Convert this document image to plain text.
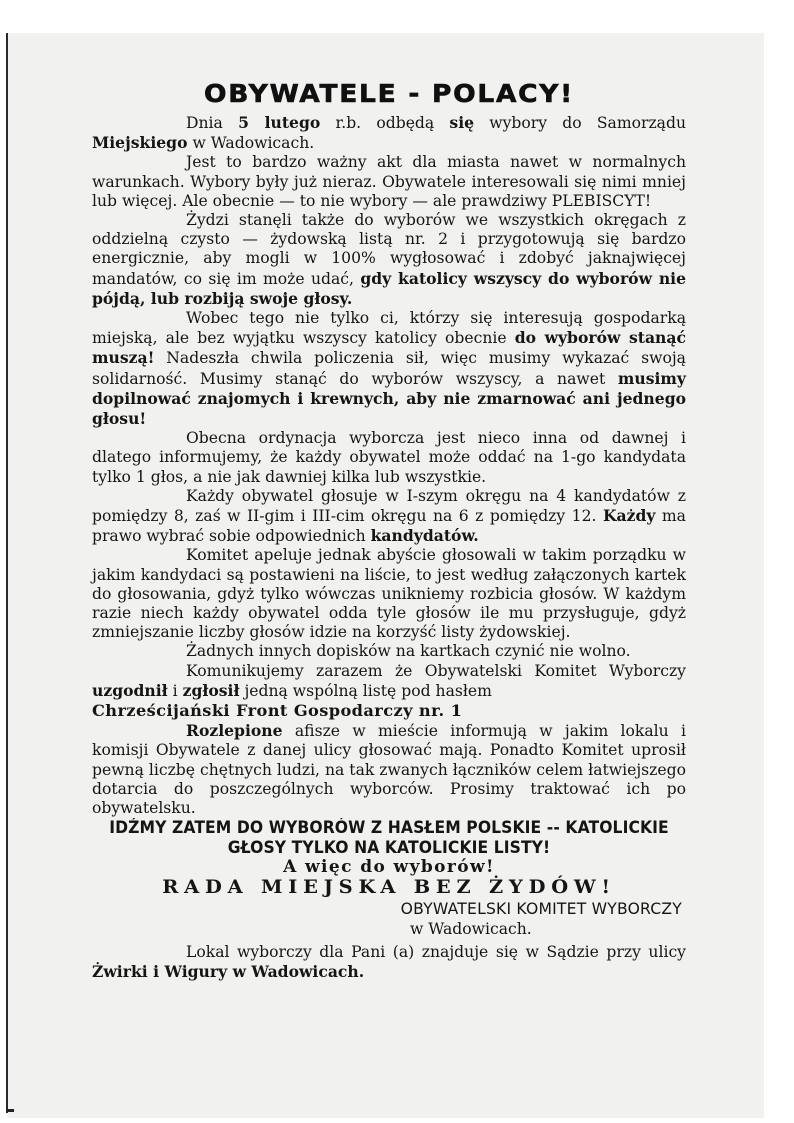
OBYWATELE - POLACY!

Dnia 5 lutego r.b. odbędą się wybory do Samorządu Miejskiego w Wadowicach.

Jest to bardzo ważny akt dla miasta nawet w normalnych warunkach. Wybory były już nieraz. Obywatele interesowali się nimi mniej lub więcej. Ale obecnie — to nie wybory — ale prawdziwy PLEBISCYT!

Żydzi stanęli także do wyborów we wszystkich okręgach z oddzielną czysto — żydowską listą nr. 2 i przygotowują się bardzo energicznie, aby mogli w 100% wygłosować i zdobyć jaknajwięcej mandatów, co się im może udać, gdy katolicy wszyscy do wyborów nie pójdą, lub rozbiją swoje głosy.

Wobec tego nie tylko ci, którzy się interesują gospodarką miejską, ale bez wyjątku wszyscy katolicy obecnie do wyborów stanąć muszą! Nadeszła chwila policzenia sił, więc musimy wykazać swoją solidarność. Musimy stanąć do wyborów wszyscy, a nawet musimy dopilnować znajomych i krewnych, aby nie zmarnować ani jednego głosu!

Obecna ordynacja wyborcza jest nieco inna od dawnej i dlatego informujemy, że każdy obywatel może oddać na 1-go kandydata tylko 1 głos, a nie jak dawniej kilka lub wszystkie.

Każdy obywatel głosuje w I-szym okręgu na 4 kandydatów z pomiędzy 8, zaś w II-gim i III-cim okręgu na 6 z pomiędzy 12. Każdy ma prawo wybrać sobie odpowiednich kandydatów.

Komitet apeluje jednak abyście głosowali w takim porządku w jakim kandydaci są postawieni na liście, to jest według załączonych kartek do głosowania, gdyż tylko wówczas unikniemy rozbicia głosów. W każdym razie niech każdy obywatel odda tyle głosów ile mu przysługuje, gdyż zmniejszanie liczby głosów idzie na korzyść listy żydowskiej.

Żadnych innych dopisków na kartkach czynić nie wolno.

Komunikujemy zarazem że Obywatelski Komitet Wyborczy uzgodnił i zgłosił jedną wspólną listę pod hasłem

Chrześcijański Front Gospodarczy nr. 1

Rozlepione afisze w mieście informują w jakim lokalu i komisji Obywatele z danej ulicy głosować mają. Ponadto Komitet uprosił pewną liczbę chętnych ludzi, na tak zwanych łączników celem łatwiejszego dotarcia do poszczególnych wyborców. Prosimy traktować ich po obywatelsku.

IDŹMY ZATEM DO WYBORÓW Z HASŁEM POLSKIE -- KATOLICKIE GŁOSY TYLKO NA KATOLICKIE LISTY!
A więc do wyborów!
RADA MIEJSKA BEZ ŻYDÓW!
OBYWATELSKI KOMITET WYBORCZY
w Wadowicach.

Lokal wyborczy dla Pani (a) znajduje się w Sądzie przy ulicy Żwirki i Wigury w Wadowicach.
